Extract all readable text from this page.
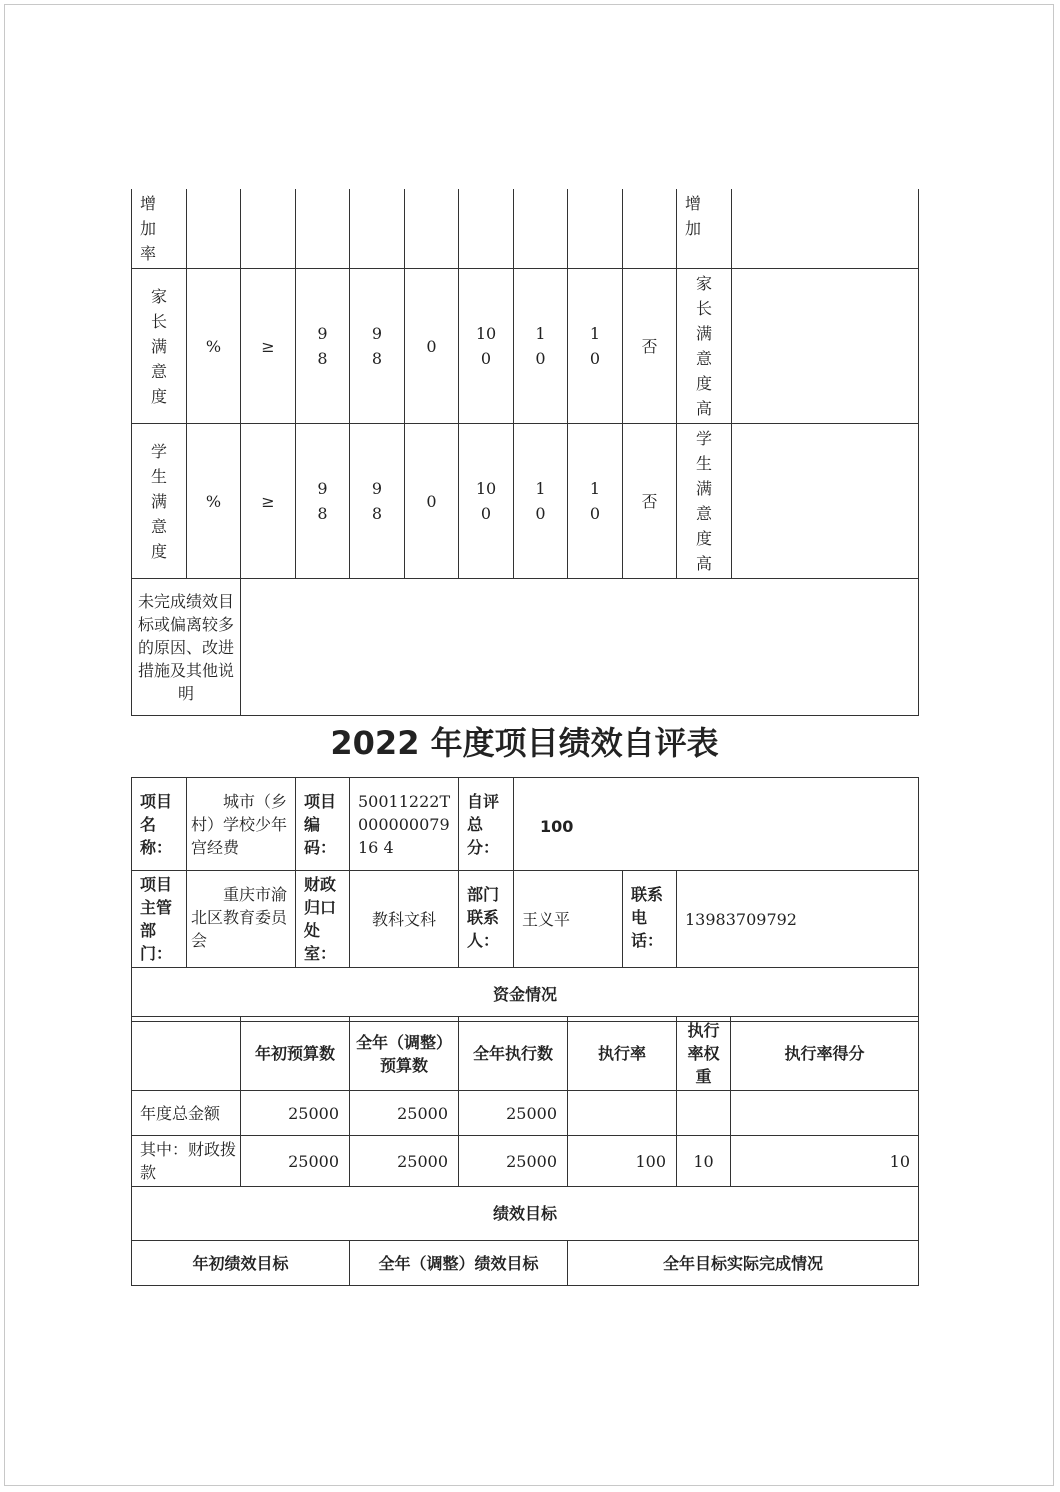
增加率										增加	

家长满意度	%	≥	98	98	0	100	10	10	否	家长满意度高	

学生满意度	%	≥	98	98	0	100	10	10	否	学生满意度高	

未完成绩效目标或偏离较多的原因、改进措施及其他说明											
2022 年度项目绩效自评表
项目名称：	城市（乡村）学校少年宫经费	项目编码：	50011222T00000007916 4	自评总分：	100		
项目主管部门：	重庆市渝北区教育委员会	财政归口处室：	教科文科	部门联系人：	王义平	联系电话：	13983709792
资金情况							
	年初预算数	全年（调整）预算数	全年执行数	执行率	执行率权重	执行率得分
年度总金额	25000	25000	25000			
其中：财政拨款	25000	25000	25000	100	10	10
绩效目标						
年初绩效目标		全年（调整）绩效目标		全年目标实际完成情况		
